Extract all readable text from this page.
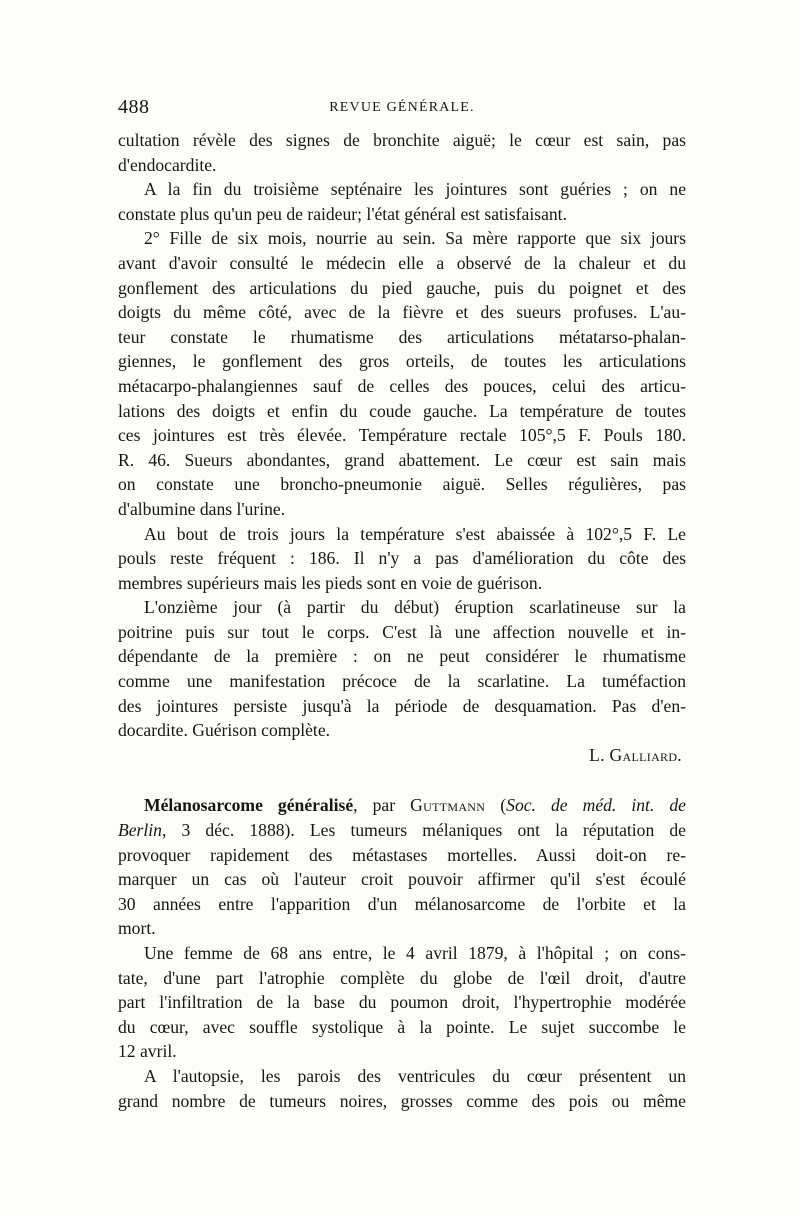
488	REVUE GÉNÉRALE.
cultation révèle des signes de bronchite aiguë; le cœur est sain, pas
d'endocardite.
A la fin du troisième septénaire les jointures sont guéries ; on ne
constate plus qu'un peu de raideur; l'état général est satisfaisant.
2° Fille de six mois, nourrie au sein. Sa mère rapporte que six jours
avant d'avoir consulté le médecin elle a observé de la chaleur et du
gonflement des articulations du pied gauche, puis du poignet et des
doigts du même côté, avec de la fièvre et des sueurs profuses. L'au-
teur constate le rhumatisme des articulations métatarso-phalan-
giennes, le gonflement des gros orteils, de toutes les articulations
métacarpo-phalangiennes sauf de celles des pouces, celui des articu-
lations des doigts et enfin du coude gauche. La température de toutes
ces jointures est très élevée. Température rectale 105°,5 F. Pouls 180.
R. 46. Sueurs abondantes, grand abattement. Le cœur est sain mais
on constate une broncho-pneumonie aiguë. Selles régulières, pas
d'albumine dans l'urine.
Au bout de trois jours la température s'est abaissée à 102°,5 F. Le
pouls reste fréquent : 186. Il n'y a pas d'amélioration du côte des
membres supérieurs mais les pieds sont en voie de guérison.
L'onzième jour (à partir du début) éruption scarlatineuse sur la
poitrine puis sur tout le corps. C'est là une affection nouvelle et in-
dépendante de la première : on ne peut considérer le rhumatisme
comme une manifestation précoce de la scarlatine. La tuméfaction
des jointures persiste jusqu'à la période de desquamation. Pas d'en-
docardite. Guérison complète.
L. Galliard.
Mélanosarcome généralisé, par Guttmann (Soc. de méd. int. de
Berlin, 3 déc. 1888). Les tumeurs mélaniques ont la réputation de
provoquer rapidement des métastases mortelles. Aussi doit-on re-
marquer un cas où l'auteur croit pouvoir affirmer qu'il s'est écoulé
30 années entre l'apparition d'un mélanosarcome de l'orbite et la
mort.
Une femme de 68 ans entre, le 4 avril 1879, à l'hôpital ; on cons-
tate, d'une part l'atrophie complète du globe de l'œil droit, d'autre
part l'infiltration de la base du poumon droit, l'hypertrophie modérée
du cœur, avec souffle systolique à la pointe. Le sujet succombe le
12 avril.
A l'autopsie, les parois des ventricules du cœur présentent un
grand nombre de tumeurs noires, grosses comme des pois ou même
